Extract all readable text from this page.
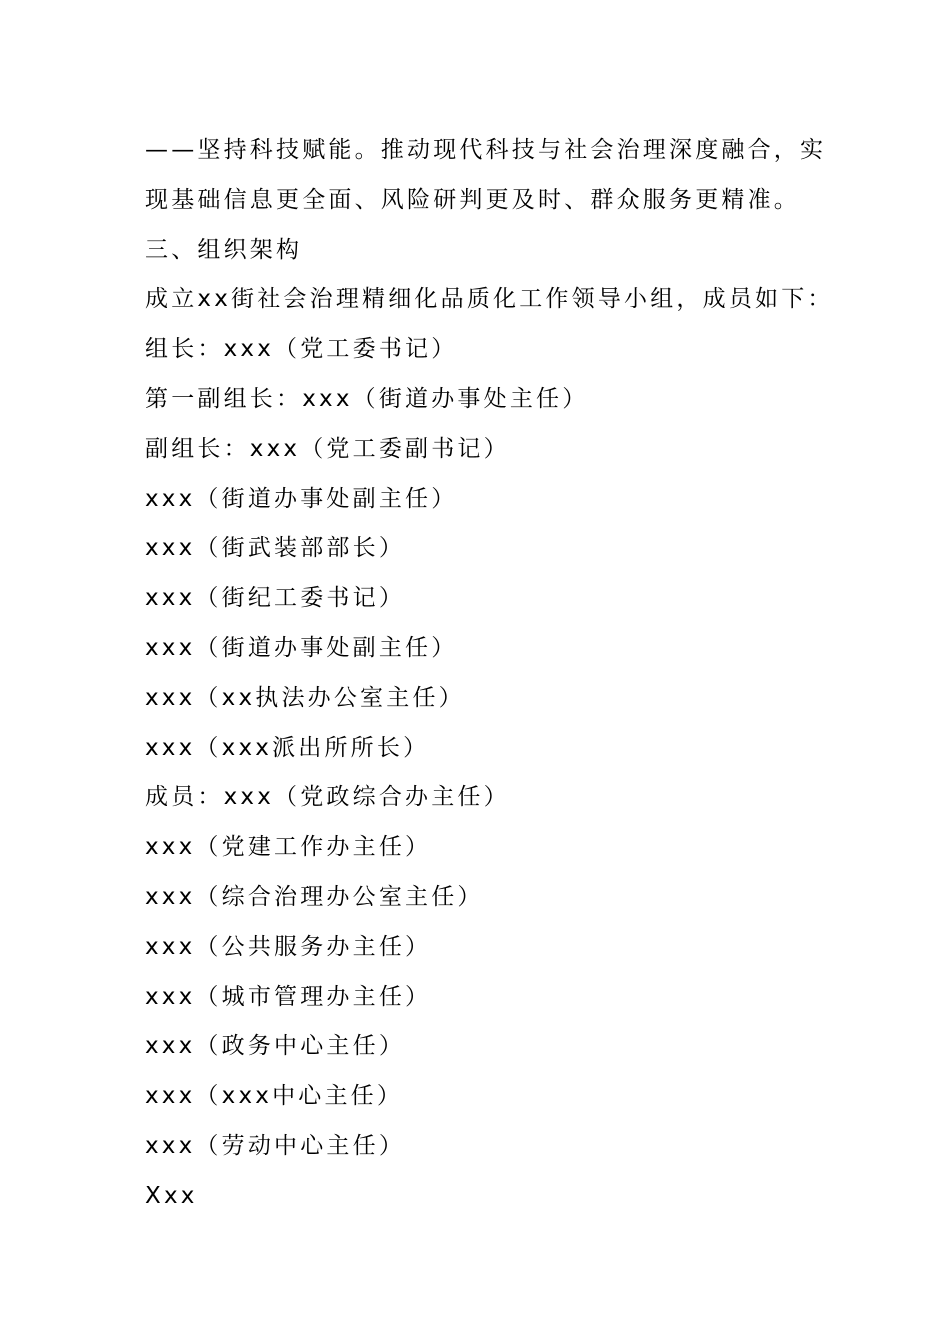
——坚持科技赋能。推动现代科技与社会治理深度融合，实
现基础信息更全面、风险研判更及时、群众服务更精准。
三、组织架构
成立xx街社会治理精细化品质化工作领导小组，成员如下：
组长：xxx（党工委书记）
第一副组长：xxx（街道办事处主任）
副组长：xxx（党工委副书记）
xxx（街道办事处副主任）
xxx（街武装部部长）
xxx（街纪工委书记）
xxx（街道办事处副主任）
xxx（xx执法办公室主任）
xxx（xxx派出所所长）
成员：xxx（党政综合办主任）
xxx（党建工作办主任）
xxx（综合治理办公室主任）
xxx（公共服务办主任）
xxx（城市管理办主任）
xxx（政务中心主任）
xxx（xxx中心主任）
xxx（劳动中心主任）
Xxx
